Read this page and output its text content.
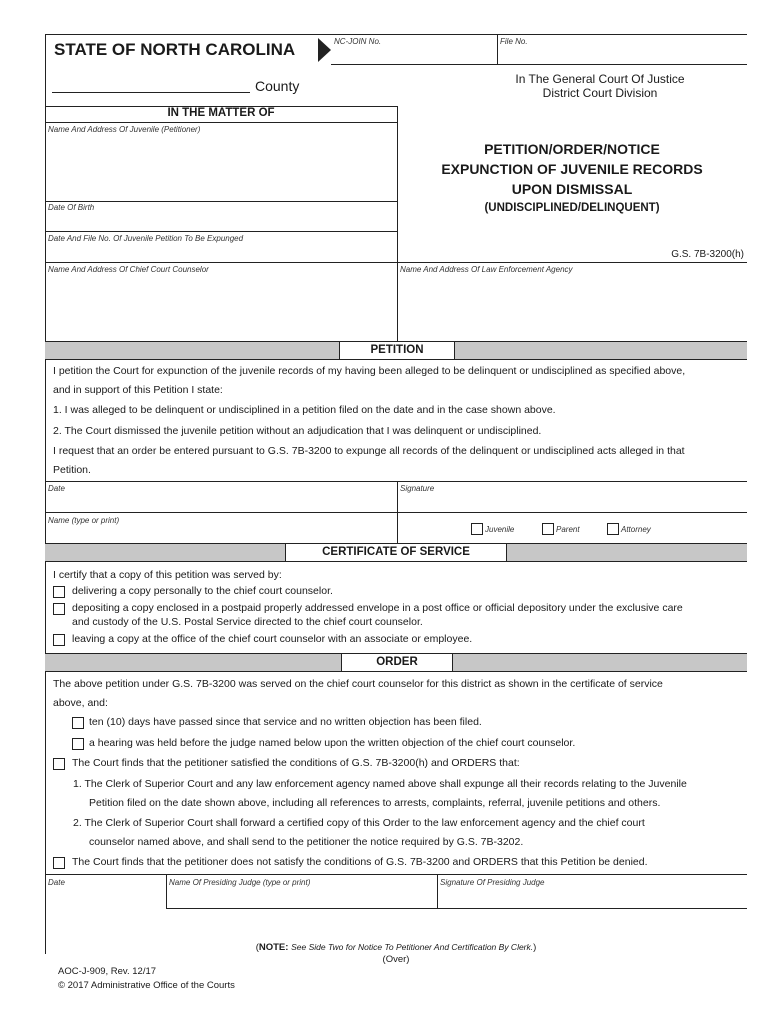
STATE OF NORTH CAROLINA	NC-JOIN No.	File No.
County	In The General Court Of Justice
District Court Division
IN THE MATTER OF
Name And Address Of Juvenile (Petitioner)
Date Of Birth
Date And File No. Of Juvenile Petition To Be Expunged
Name And Address Of Chief Court Counselor	Name And Address Of Law Enforcement Agency
PETITION/ORDER/NOTICE
EXPUNCTION OF JUVENILE RECORDS
UPON DISMISSAL
(UNDISCIPLINED/DELINQUENT)
G.S. 7B-3200(h)
PETITION
I petition the Court for expunction of the juvenile records of my having been alleged to be delinquent or undisciplined as specified above,
and in support of this Petition I state:
1. I was alleged to be delinquent or undisciplined in a petition filed on the date and in the case shown above.
2. The Court dismissed the juvenile petition without an adjudication that I was delinquent or undisciplined.
I request that an order be entered pursuant to G.S. 7B-3200 to expunge all records of the delinquent or undisciplined acts alleged in that
Petition.
Date	Signature
Name (type or print)
Juvenile	Parent	Attorney
CERTIFICATE OF SERVICE
I certify that a copy of this petition was served by:
delivering a copy personally to the chief court counselor.
depositing a copy enclosed in a postpaid properly addressed envelope in a post office or official depository under the exclusive care
and custody of the U.S. Postal Service directed to the chief court counselor.
leaving a copy at the office of the chief court counselor with an associate or employee.
ORDER
The above petition under G.S. 7B-3200 was served on the chief court counselor for this district as shown in the certificate of service
above, and:
ten (10) days have passed since that service and no written objection has been filed.
a hearing was held before the judge named below upon the written objection of the chief court counselor.
The Court finds that the petitioner satisfied the conditions of G.S. 7B-3200(h) and ORDERS that:
1. The Clerk of Superior Court and any law enforcement agency named above shall expunge all their records relating to the Juvenile
Petition filed on the date shown above, including all references to arrests, complaints, referral, juvenile petitions and others.
2. The Clerk of Superior Court shall forward a certified copy of this Order to the law enforcement agency and the chief court
counselor named above, and shall send to the petitioner the notice required by G.S. 7B-3202.
The Court finds that the petitioner does not satisfy the conditions of G.S. 7B-3200 and ORDERS that this Petition be denied.
Date	Name Of Presiding Judge (type or print)	Signature Of Presiding Judge
(NOTE: See Side Two for Notice To Petitioner And Certification By Clerk.)
(Over)
AOC-J-909, Rev. 12/17
© 2017 Administrative Office of the Courts
